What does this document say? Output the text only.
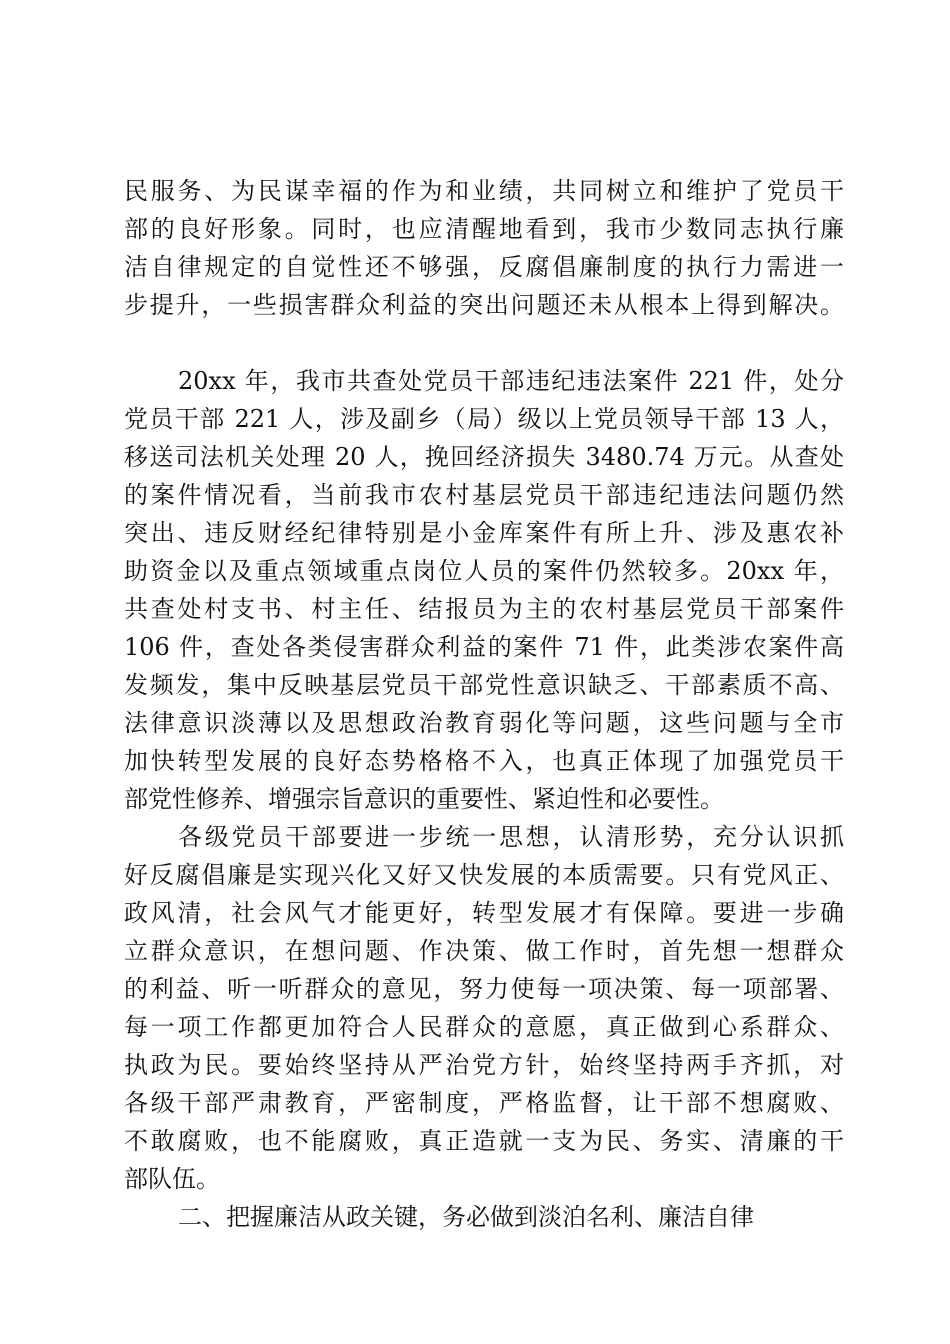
民服务、为民谋幸福的作为和业绩，共同树立和维护了党员干
部的良好形象。同时，也应清醒地看到，我市少数同志执行廉
洁自律规定的自觉性还不够强，反腐倡廉制度的执行力需进一
步提升，一些损害群众利益的突出问题还未从根本上得到解决。
20xx 年，我市共查处党员干部违纪违法案件 221 件，处分
党员干部 221 人，涉及副乡（局）级以上党员领导干部 13 人，
移送司法机关处理 20 人，挽回经济损失 3480.74 万元。从查处
的案件情况看，当前我市农村基层党员干部违纪违法问题仍然
突出、违反财经纪律特别是小金库案件有所上升、涉及惠农补
助资金以及重点领域重点岗位人员的案件仍然较多。20xx 年，
共查处村支书、村主任、结报员为主的农村基层党员干部案件
106 件，查处各类侵害群众利益的案件 71 件，此类涉农案件高
发频发，集中反映基层党员干部党性意识缺乏、干部素质不高、
法律意识淡薄以及思想政治教育弱化等问题，这些问题与全市
加快转型发展的良好态势格格不入，也真正体现了加强党员干
部党性修养、增强宗旨意识的重要性、紧迫性和必要性。
各级党员干部要进一步统一思想，认清形势，充分认识抓
好反腐倡廉是实现兴化又好又快发展的本质需要。只有党风正、
政风清，社会风气才能更好，转型发展才有保障。要进一步确
立群众意识，在想问题、作决策、做工作时，首先想一想群众
的利益、听一听群众的意见，努力使每一项决策、每一项部署、
每一项工作都更加符合人民群众的意愿，真正做到心系群众、
执政为民。要始终坚持从严治党方针，始终坚持两手齐抓，对
各级干部严肃教育，严密制度，严格监督，让干部不想腐败、
不敢腐败，也不能腐败，真正造就一支为民、务实、清廉的干
部队伍。
二、把握廉洁从政关键，务必做到淡泊名利、廉洁自律
